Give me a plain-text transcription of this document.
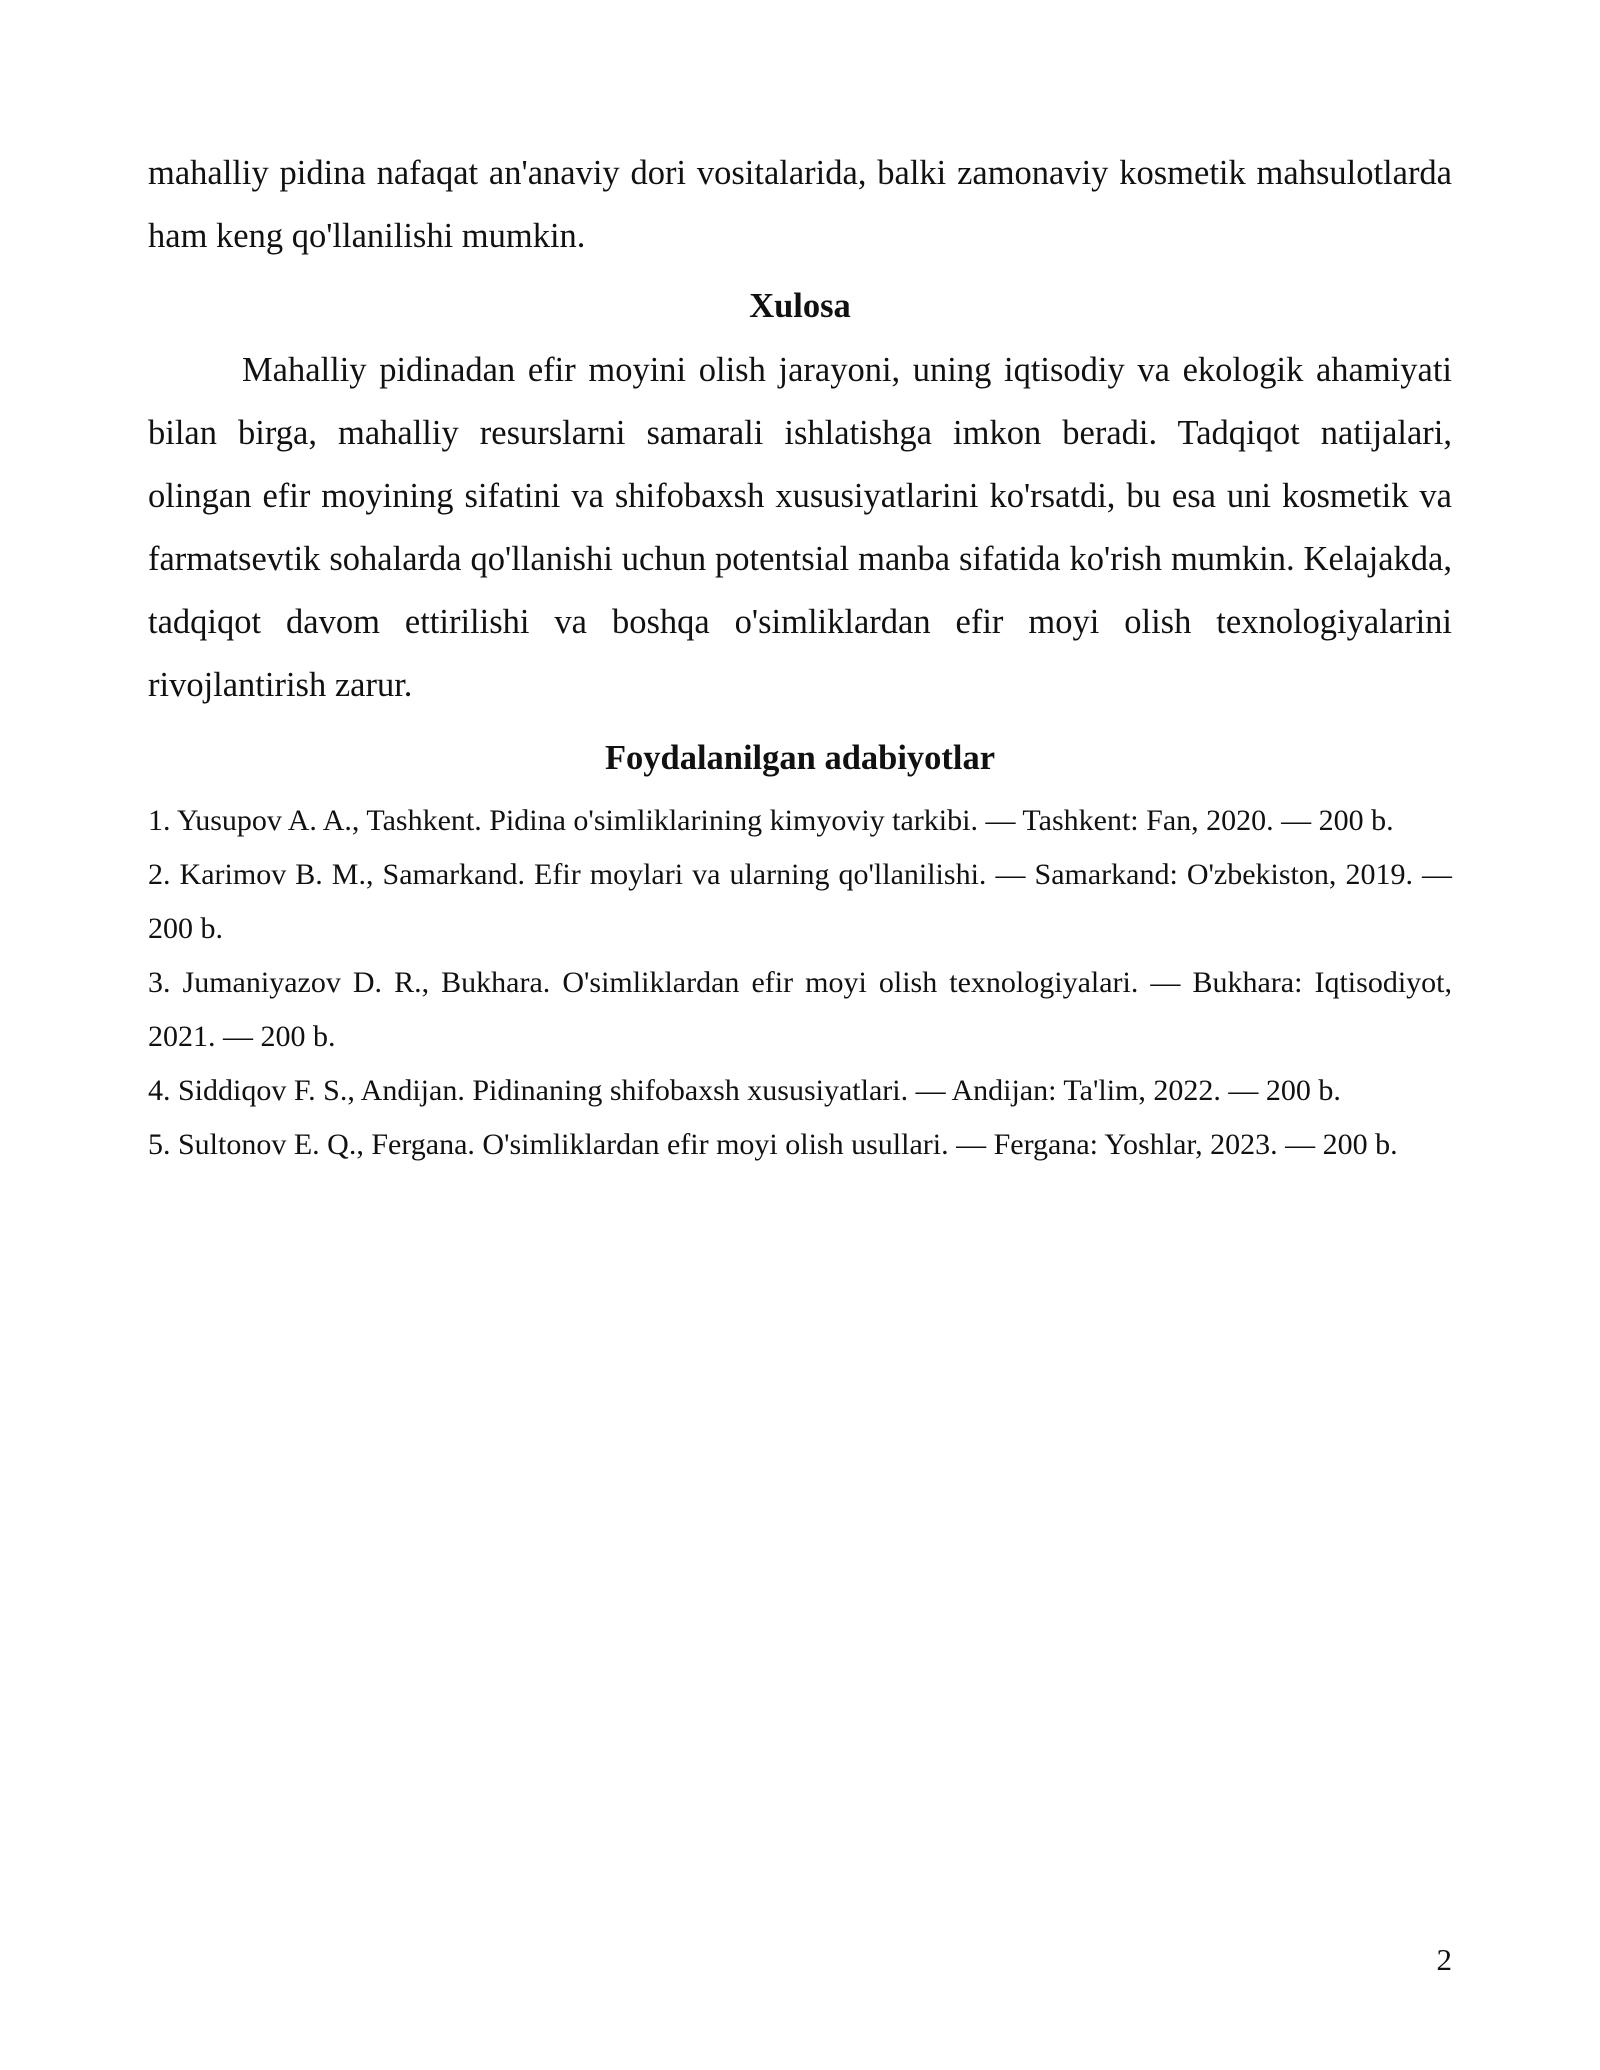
mahalliy pidina nafaqat an'anaviy dori vositalarida, balki zamonaviy kosmetik mahsulotlarda ham keng qo'llanilishi mumkin.

Xulosa

Mahalliy pidinadan efir moyini olish jarayoni, uning iqtisodiy va ekologik ahamiyati bilan birga, mahalliy resurslarni samarali ishlatishga imkon beradi. Tadqiqot natijalari, olingan efir moyining sifatini va shifobaxsh xususiyatlarini ko'rsatdi, bu esa uni kosmetik va farmatsevtik sohalarda qo'llanishi uchun potentsial manba sifatida ko'rish mumkin. Kelajakda, tadqiqot davom ettirilishi va boshqa o'simliklardan efir moyi olish texnologiyalarini rivojlantirish zarur.

Foydalanilgan adabiyotlar
1. Yusupov A. A., Tashkent. Pidina o'simliklarining kimyoviy tarkibi. — Tashkent: Fan, 2020. — 200 b.
2. Karimov B. M., Samarkand. Efir moylari va ularning qo'llanilishi. — Samarkand: O'zbekiston, 2019. — 200 b.
3. Jumaniyazov D. R., Bukhara. O'simliklardan efir moyi olish texnologiyalari. — Bukhara: Iqtisodiyot, 2021. — 200 b.
4. Siddiqov F. S., Andijan. Pidinaning shifobaxsh xususiyatlari. — Andijan: Ta'lim, 2022. — 200 b.
5. Sultonov E. Q., Fergana. O'simliklardan efir moyi olish usullari. — Fergana: Yoshlar, 2023. — 200 b.
2
